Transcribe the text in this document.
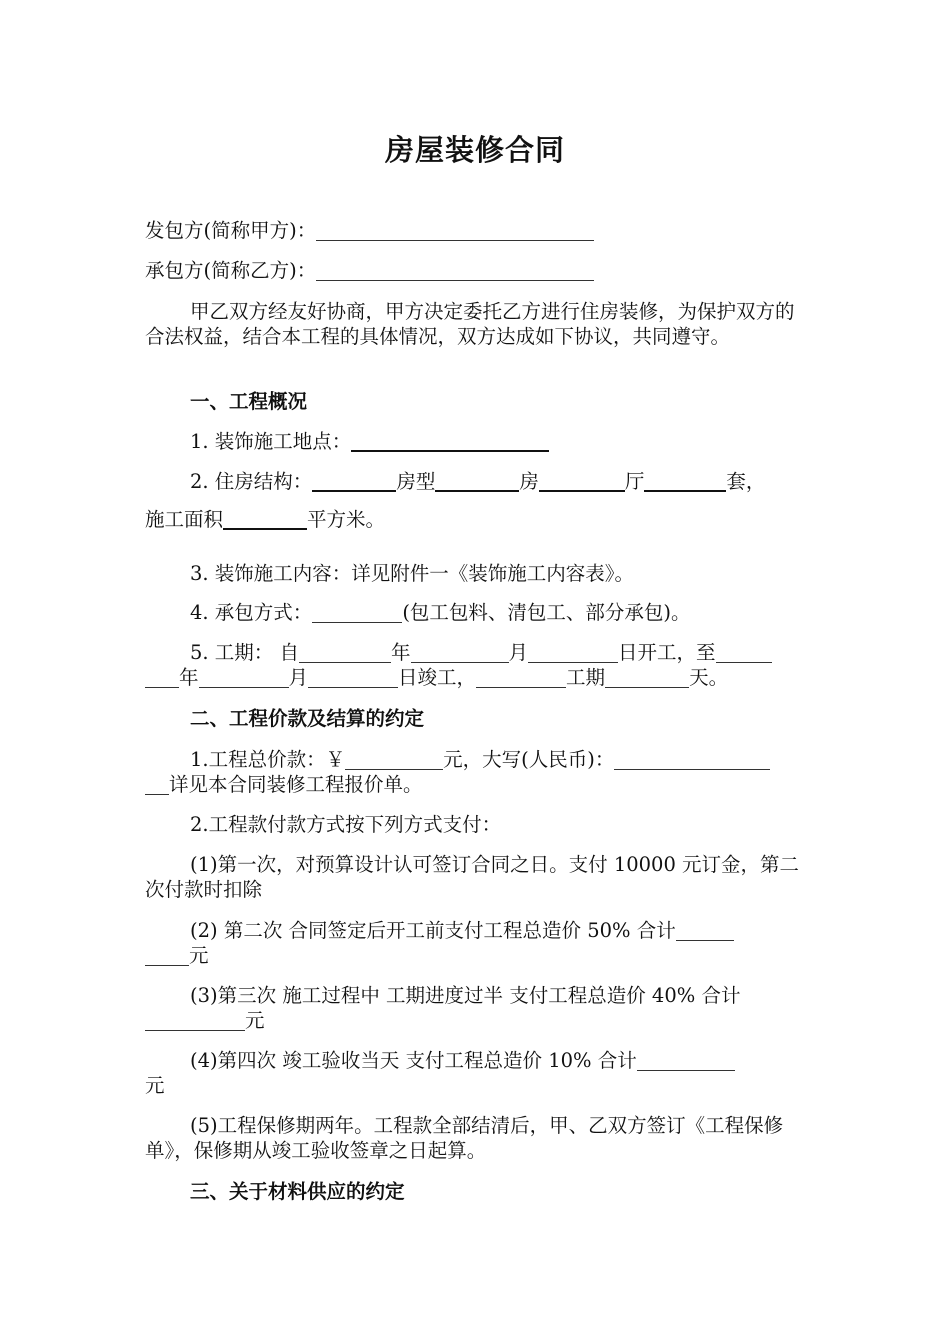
房屋装修合同
发包方(简称甲方)：
承包方(简称乙方)：
甲乙双方经友好协商，甲方决定委托乙方进行住房装修，为保护双方的合法权益，结合本工程的具体情况，双方达成如下协议，共同遵守。
一、工程概况
1. 装饰施工地点：
2. 住房结构：	房型	房	厅	套，
施工面积	平方米。
3. 装饰施工内容：详见附件一《装饰施工内容表》。
4. 承包方式：	(包工包料、清包工、部分承包)。
5. 工期： 自	年	月	日开工，至
年	月	日竣工，	工期	天。
二、工程价款及结算的约定
1.工程总价款：￥	元，大写(人民币)：
详见本合同装修工程报价单。
2.工程款付款方式按下列方式支付：
(1)第一次，对预算设计认可签订合同之日。支付 10000 元订金，第二次付款时扣除
(2) 第二次 合同签定后开工前支付工程总造价 50% 合计
元
(3)第三次 施工过程中 工期进度过半 支付工程总造价 40% 合计
元
(4)第四次 竣工验收当天 支付工程总造价 10% 合计
元
(5)工程保修期两年。工程款全部结清后，甲、乙双方签订《工程保修单》，保修期从竣工验收签章之日起算。
三、关于材料供应的约定
